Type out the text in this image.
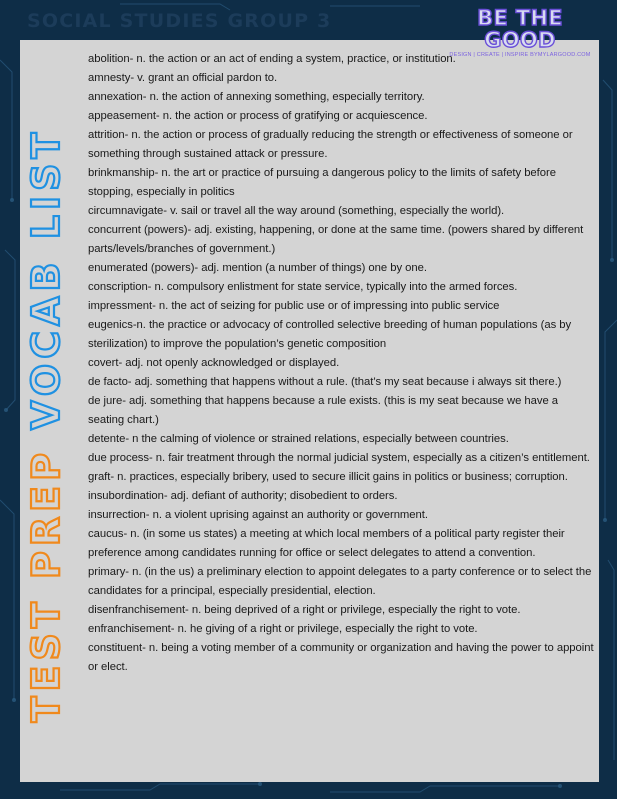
SOCIAL STUDIES GROUP 3	BE THE GOOD
DESIGN | CREATE | INSPIRE BYMYLARGOOD.COM
TEST PREP VOCAB LIST
abolition- n. the action or an act of ending a system, practice, or institution.
amnesty- v. grant an official pardon to.
annexation- n. the action of annexing something, especially territory.
appeasement- n. the action or process of gratifying or acquiescence.
attrition- n. the action or process of gradually reducing the strength or effectiveness of someone or something through sustained attack or pressure.
brinkmanship- n. the art or practice of pursuing a dangerous policy to the limits of safety before stopping, especially in politics
circumnavigate- v. sail or travel all the way around (something, especially the world).
concurrent (powers)- adj. existing, happening, or done at the same time. (powers shared by different parts/levels/branches of government.)
enumerated (powers)- adj. mention (a number of things) one by one.
conscription- n. compulsory enlistment for state service, typically into the armed forces.
impressment- n. the act of seizing for public use or of impressing into public service
eugenics-n. the practice or advocacy of controlled selective breeding of human populations (as by sterilization) to improve the population’s genetic composition
covert- adj. not openly acknowledged or displayed.
de facto- adj. something that happens without a rule. (that’s my seat because i always sit there.)
de jure- adj. something that happens because a rule exists. (this is my seat because we have a seating chart.)
detente- n the calming of violence or strained relations, especially between countries.
due process- n. fair treatment through the normal judicial system, especially as a citizen’s entitlement.
graft- n. practices, especially bribery, used to secure illicit gains in politics or business; corruption.
insubordination- adj. defiant of authority; disobedient to orders.
insurrection- n. a violent uprising against an authority or government.
caucus- n. (in some us states) a meeting at which local members of a political party register their preference among candidates running for office or select delegates to attend a convention.
primary- n. (in the us) a preliminary election to appoint delegates to a party conference or to select the candidates for a principal, especially presidential, election.
disenfranchisement- n. being deprived of a right or privilege, especially the right to vote.
enfranchisement- n. he giving of a right or privilege, especially the right to vote.
constituent- n. being a voting member of a community or organization and having the power to appoint or elect.
